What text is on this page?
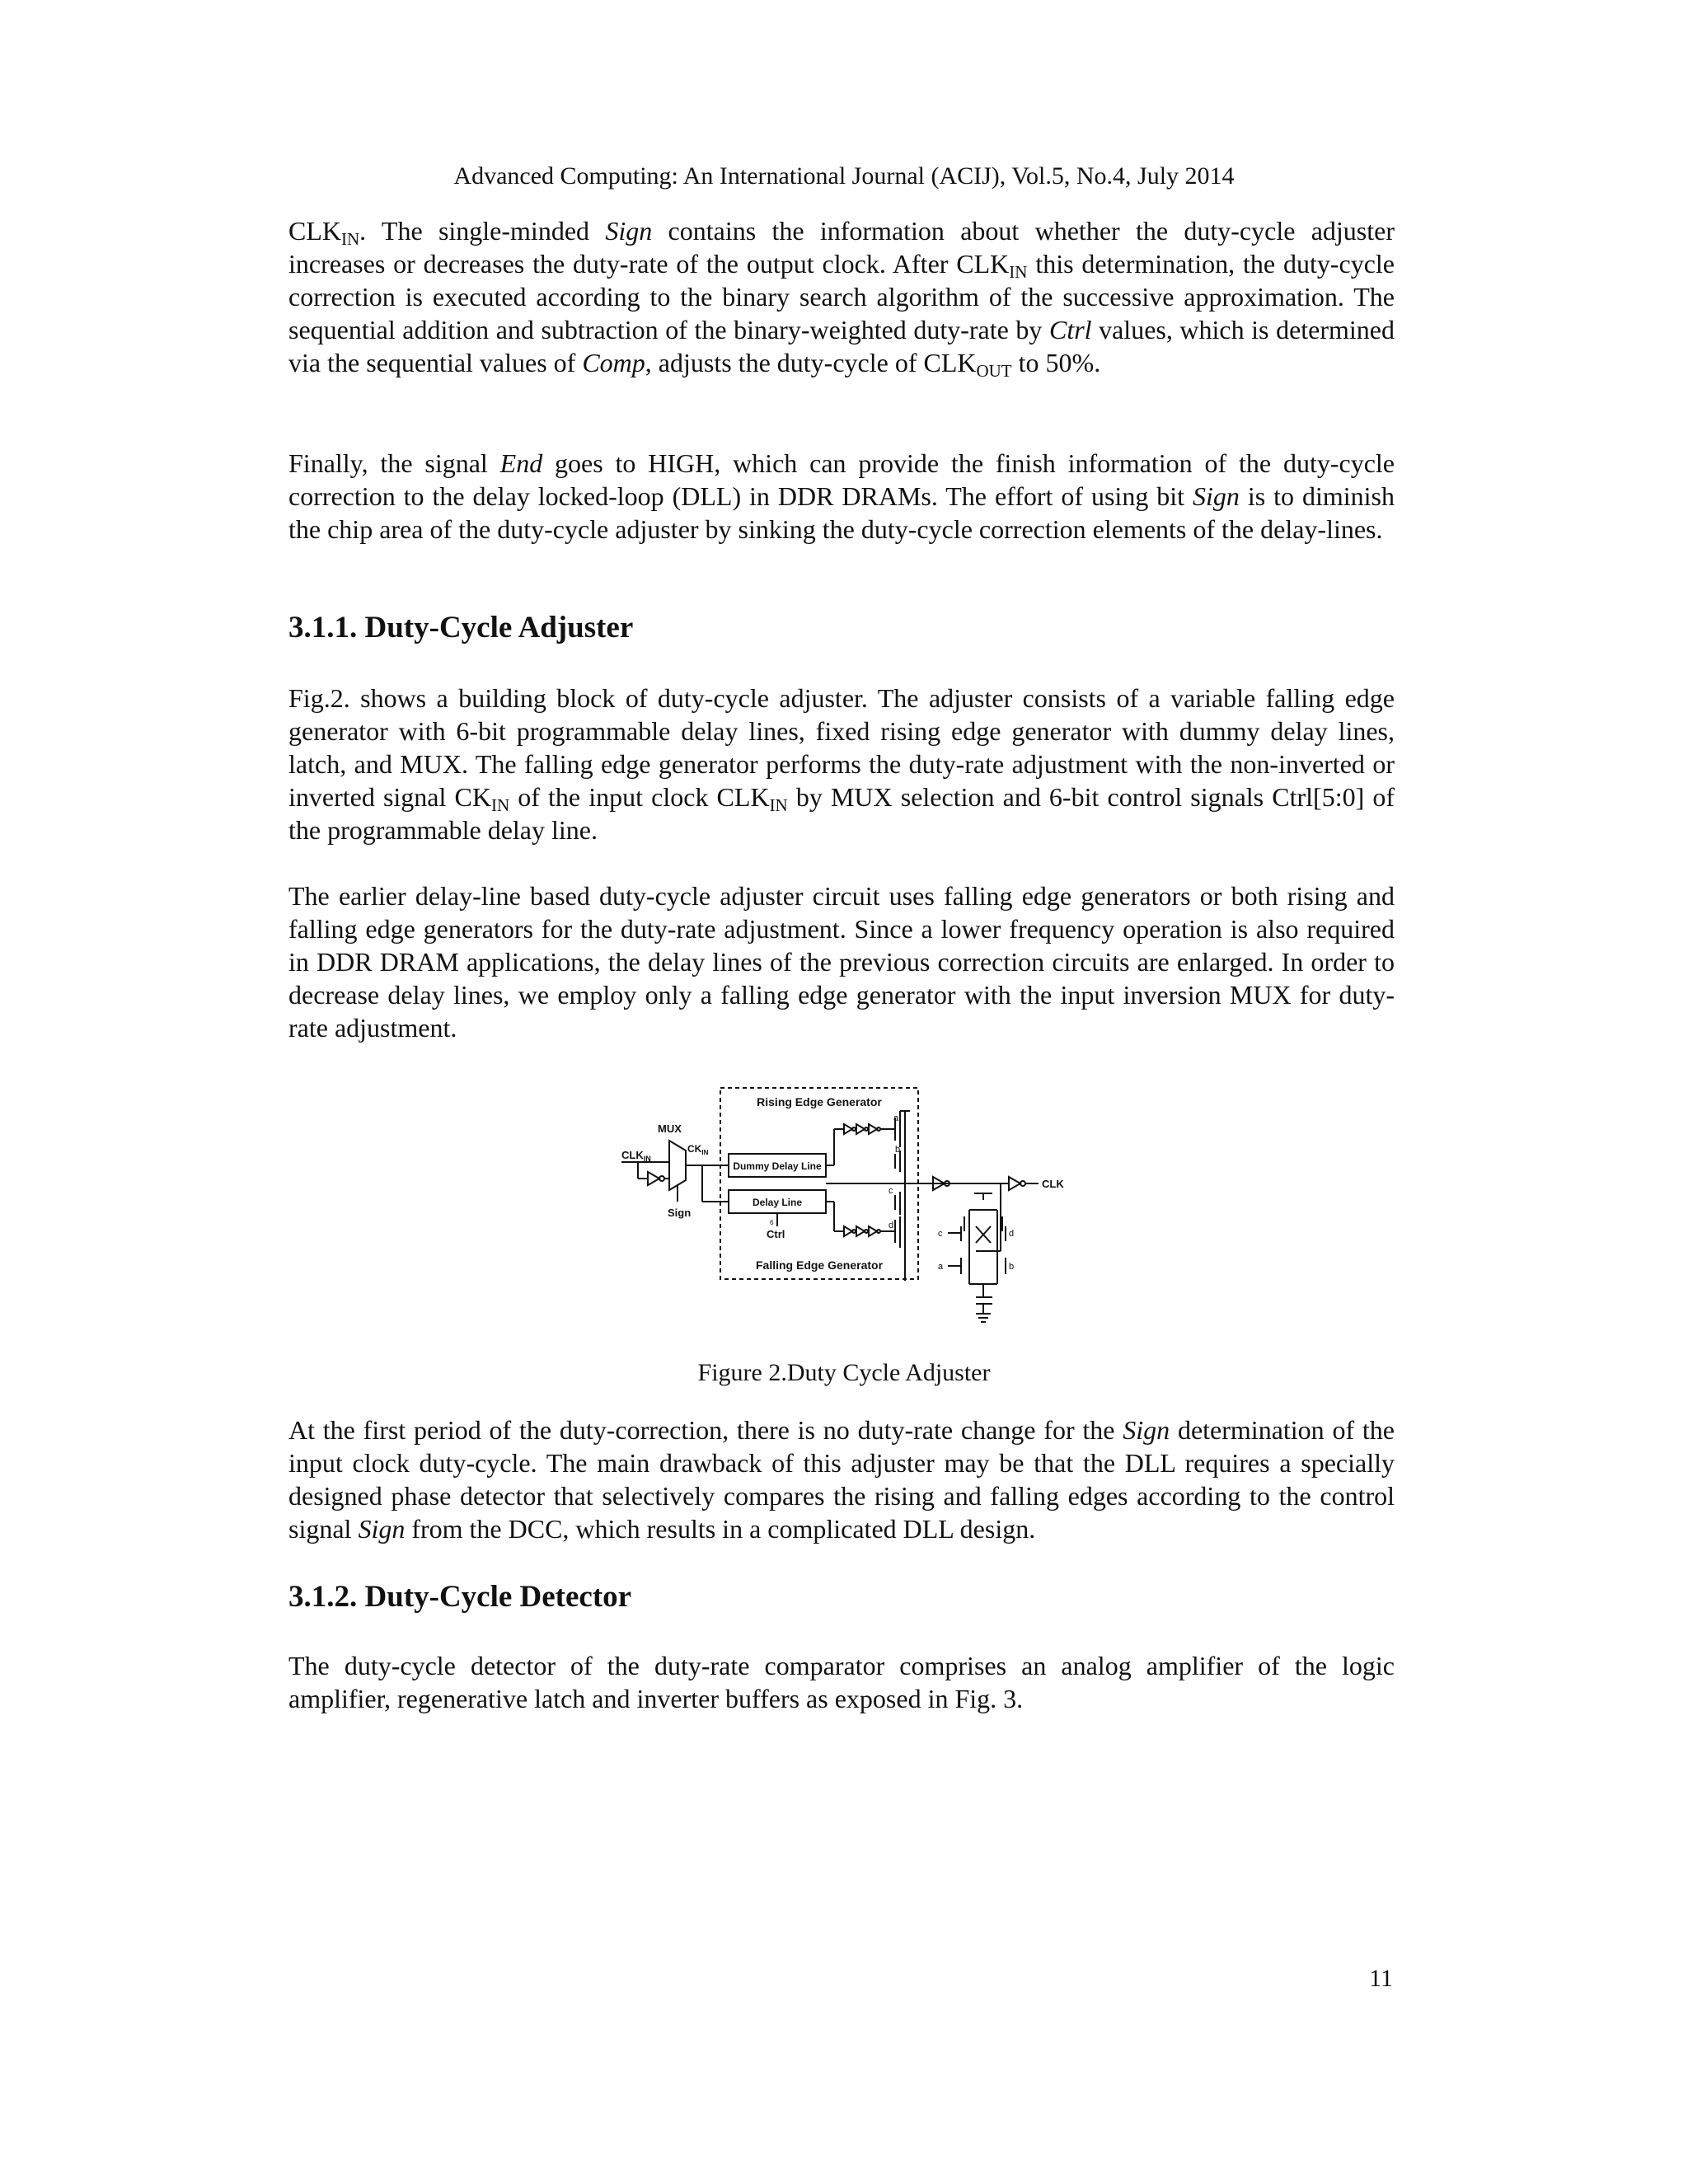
Advanced Computing: An International Journal (ACIJ), Vol.5, No.4, July 2014

$CLK_{IN}$. The single-minded Sign contains the information about whether the duty-cycle adjuster increases or decreases the duty-rate of the output clock. After $CLK_{IN}$ this determination, the duty-cycle correction is executed according to the binary search algorithm of the successive approximation. The sequential addition and subtraction of the binary-weighted duty-rate by Ctrl values, which is determined via the sequential values of Comp, adjusts the duty-cycle of $CLK_{OUT}$ to 50%.

Finally, the signal End goes to HIGH, which can provide the finish information of the duty-cycle correction to the delay locked-loop (DLL) in DDR DRAMs. The effort of using bit Sign is to diminish the chip area of the duty-cycle adjuster by sinking the duty-cycle correction elements of the delay-lines.

3.1.1. Duty-Cycle Adjuster

Fig.2. shows a building block of duty-cycle adjuster. The adjuster consists of a variable falling edge generator with 6-bit programmable delay lines, fixed rising edge generator with dummy delay lines, latch, and MUX. The falling edge generator performs the duty-rate adjustment with the non-inverted or inverted signal $CK_{IN}$ of the input clock $CLK_{IN}$ by MUX selection and 6-bit control signals Ctrl[5:0] of the programmable delay line.

The earlier delay-line based duty-cycle adjuster circuit uses falling edge generators or both rising and falling edge generators for the duty-rate adjustment. Since a lower frequency operation is also required in DDR DRAM applications, the delay lines of the previous correction circuits are enlarged. In order to decrease delay lines, we employ only a falling edge generator with the input inversion MUX for duty-rate adjustment.
Rising Edge Generator
Falling Edge Generator
$CLK_{IN}$
MUX
Sign
$CK_{IN}$
Dummy Delay Line
Delay Line
6
Ctrl
a
b
c
d
CLK
c	d
a	b
Figure 2.Duty Cycle Adjuster

At the first period of the duty-correction, there is no duty-rate change for the Sign determination of the input clock duty-cycle. The main drawback of this adjuster may be that the DLL requires a specially designed phase detector that selectively compares the rising and falling edges according to the control signal Sign from the DCC, which results in a complicated DLL design.

3.1.2. Duty-Cycle Detector
The duty-cycle detector of the duty-rate comparator comprises an analog amplifier of the logic amplifier, regenerative latch and inverter buffers as exposed in Fig. 3.
11
